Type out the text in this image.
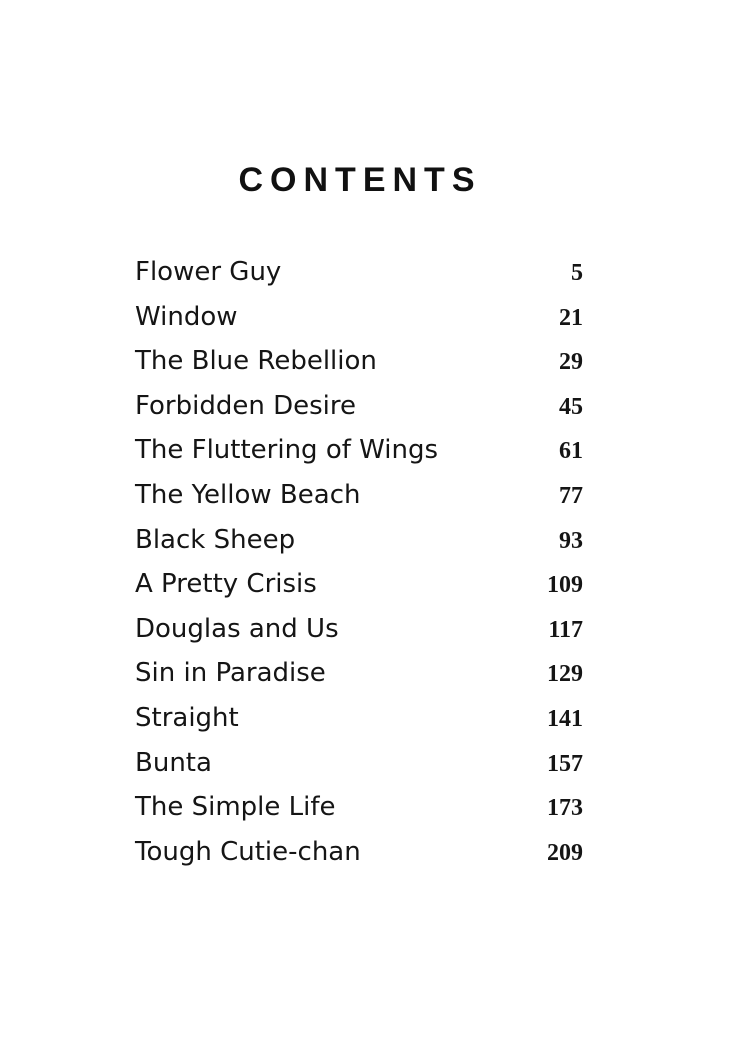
CONTENTS
Flower Guy	5
Window	21
The Blue Rebellion	29
Forbidden Desire	45
The Fluttering of Wings	61
The Yellow Beach	77
Black Sheep	93
A Pretty Crisis	109
Douglas and Us	117
Sin in Paradise	129
Straight	141
Bunta	157
The Simple Life	173
Tough Cutie-chan	209
